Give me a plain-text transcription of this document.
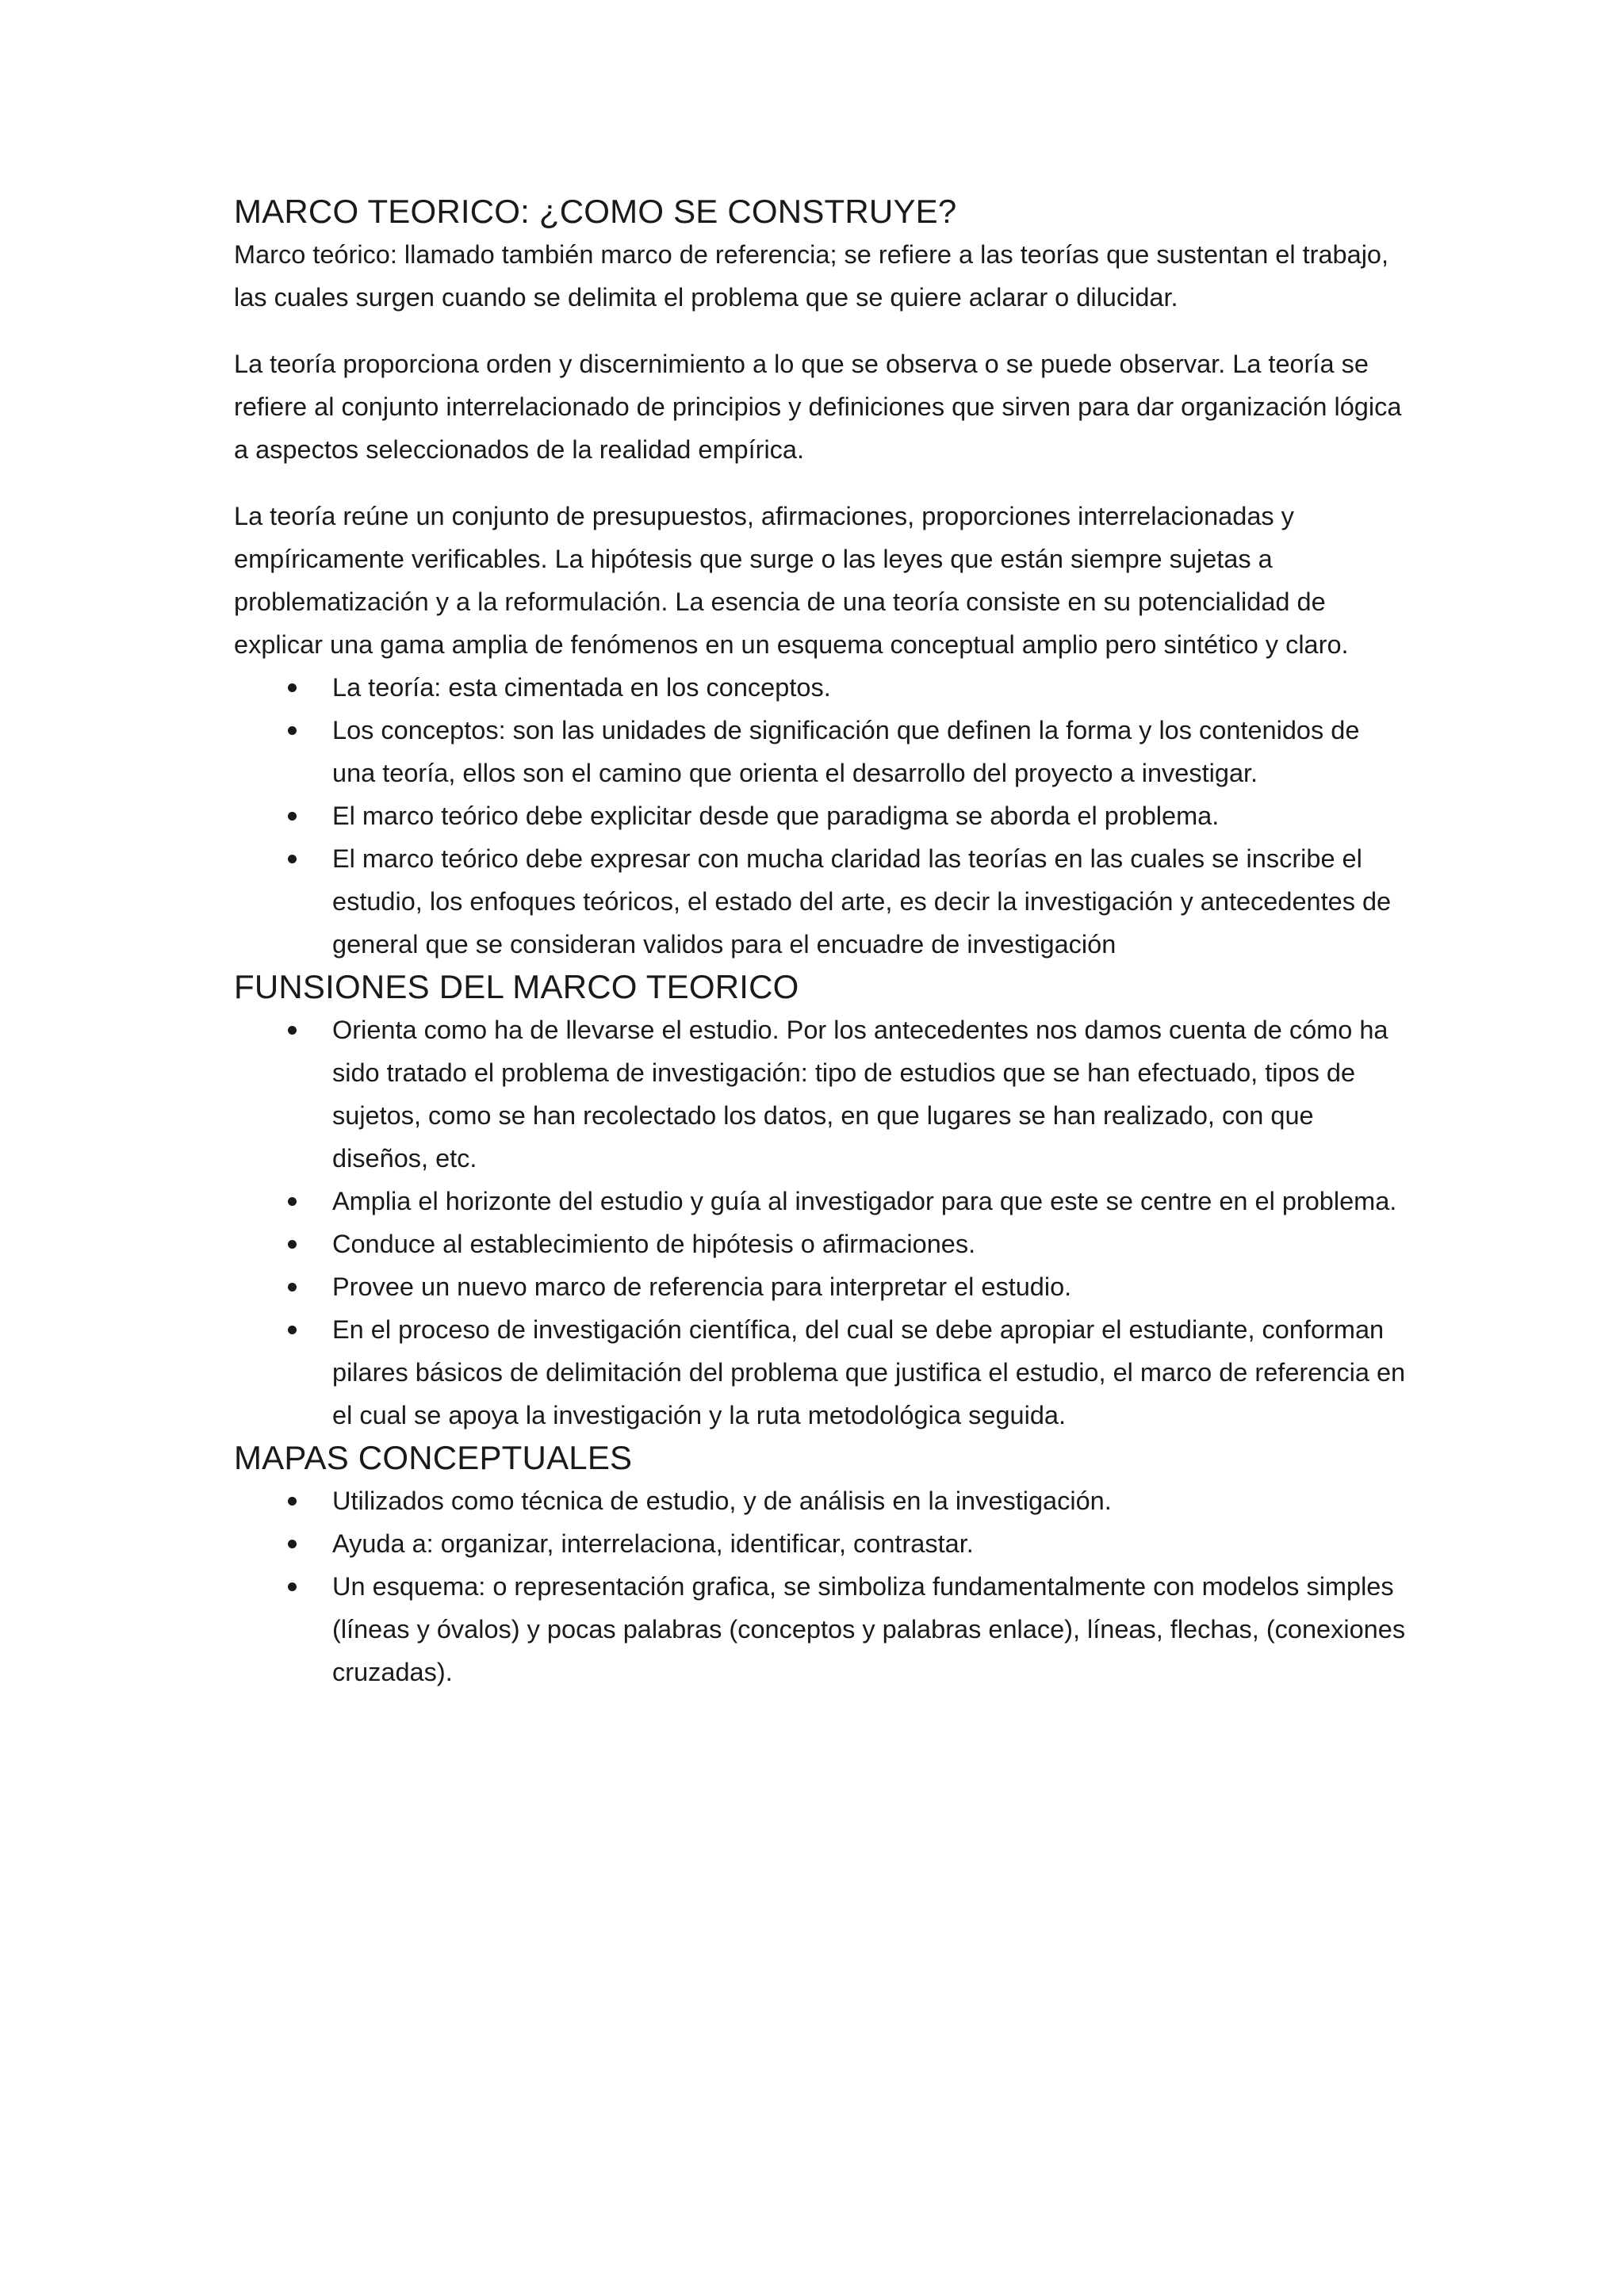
MARCO TEORICO: ¿COMO SE CONSTRUYE?

Marco teórico: llamado también marco de referencia; se refiere a las teorías que sustentan el trabajo, las cuales surgen cuando se delimita el problema que se quiere aclarar o dilucidar.

La teoría proporciona orden y discernimiento a lo que se observa o se puede observar. La teoría se refiere al conjunto interrelacionado de principios y definiciones que sirven para dar organización lógica a aspectos seleccionados de la realidad empírica.

La teoría reúne un conjunto de presupuestos, afirmaciones, proporciones interrelacionadas y empíricamente verificables. La hipótesis que surge o las leyes que están siempre sujetas a problematización y a la reformulación. La esencia de una teoría consiste en su potencialidad de explicar una gama amplia de fenómenos en un esquema conceptual amplio pero sintético y claro.

La teoría: esta cimentada en los conceptos.
Los conceptos: son las unidades de significación que definen la forma y los contenidos de una teoría, ellos son el camino que orienta el desarrollo del proyecto a investigar.
El marco teórico debe explicitar desde que paradigma se aborda el problema.
El marco teórico debe expresar con mucha claridad las teorías en las cuales se inscribe el estudio, los enfoques teóricos, el estado del arte, es decir la investigación y antecedentes de general que se consideran validos para el encuadre de investigación
FUNSIONES DEL MARCO TEORICO
Orienta como ha de llevarse el estudio. Por los antecedentes nos damos cuenta de cómo ha sido tratado el problema de investigación: tipo de estudios que se han efectuado, tipos de sujetos, como se han recolectado los datos, en que lugares se han realizado, con que diseños, etc.
Amplia el horizonte del estudio y guía al investigador para que este se centre en el problema.
Conduce al establecimiento de hipótesis o afirmaciones.
Provee un nuevo marco de referencia para interpretar el estudio.
En el proceso de investigación científica, del cual se debe apropiar el estudiante, conforman pilares básicos de delimitación del problema que justifica el estudio, el marco de referencia en el cual se apoya la investigación y la ruta metodológica seguida.
MAPAS CONCEPTUALES
Utilizados como técnica de estudio, y de análisis en la investigación.
Ayuda a: organizar, interrelaciona, identificar, contrastar.
Un esquema: o representación grafica, se simboliza fundamentalmente con modelos simples (líneas y óvalos) y pocas palabras (conceptos y palabras enlace), líneas, flechas, (conexiones cruzadas).
